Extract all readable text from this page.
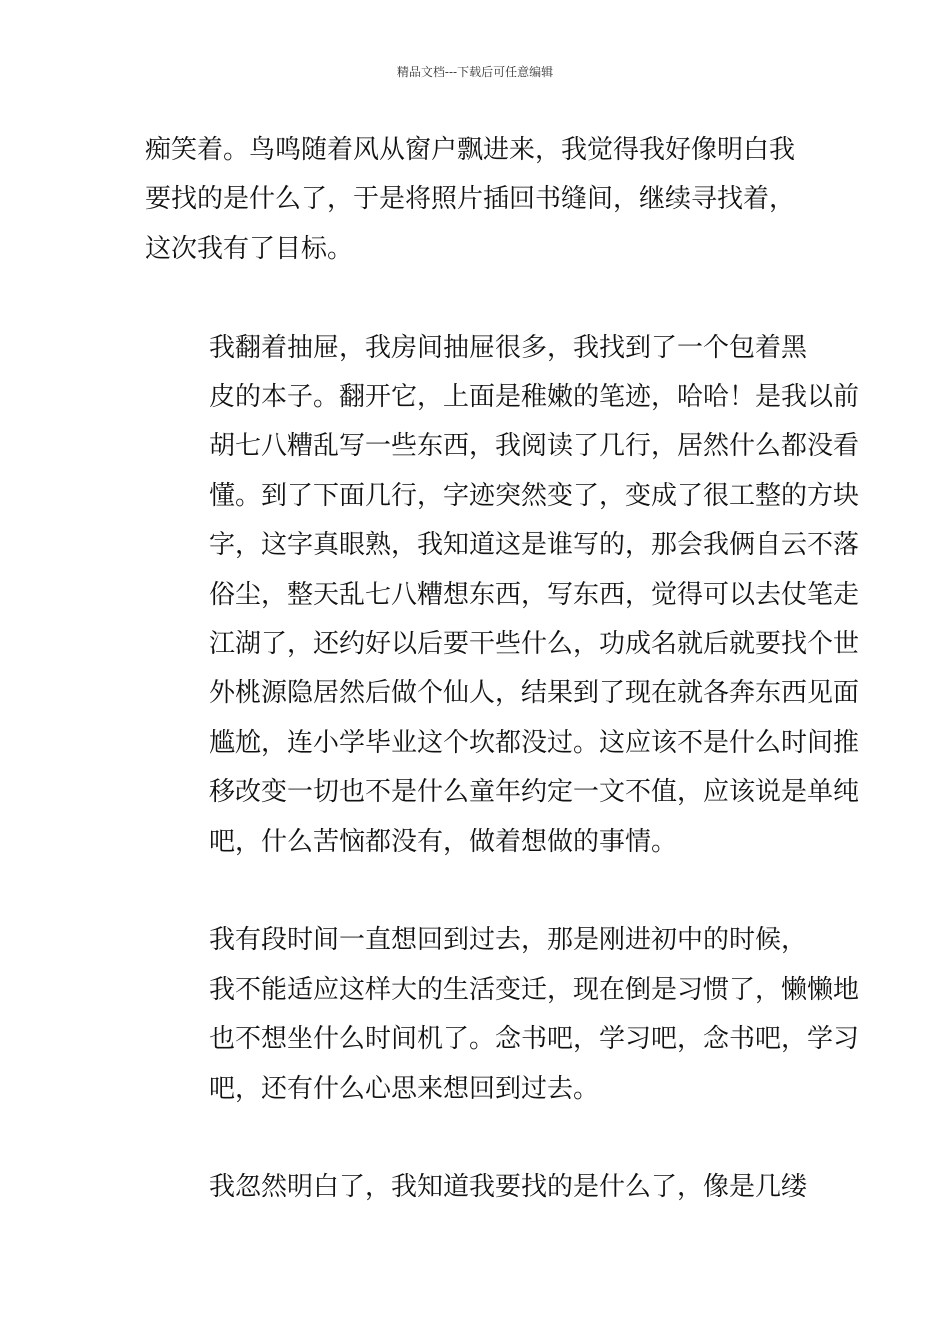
精品文档---下载后可任意编辑

痴笑着。鸟鸣随着风从窗户飘进来，我觉得我好像明白我
要找的是什么了，于是将照片插回书缝间，继续寻找着，
这次我有了目标。

我翻着抽屉，我房间抽屉很多，我找到了一个包着黑
皮的本子。翻开它，上面是稚嫩的笔迹，哈哈！是我以前
胡七八糟乱写一些东西，我阅读了几行，居然什么都没看
懂。到了下面几行，字迹突然变了，变成了很工整的方块
字，这字真眼熟，我知道这是谁写的，那会我俩自云不落
俗尘，整天乱七八糟想东西，写东西，觉得可以去仗笔走
江湖了，还约好以后要干些什么，功成名就后就要找个世
外桃源隐居然后做个仙人，结果到了现在就各奔东西见面
尴尬，连小学毕业这个坎都没过。这应该不是什么时间推
移改变一切也不是什么童年约定一文不值，应该说是单纯
吧，什么苦恼都没有，做着想做的事情。

我有段时间一直想回到过去，那是刚进初中的时候，
我不能适应这样大的生活变迁，现在倒是习惯了，懒懒地
也不想坐什么时间机了。念书吧，学习吧，念书吧，学习
吧，还有什么心思来想回到过去。

我忽然明白了，我知道我要找的是什么了，像是几缕
